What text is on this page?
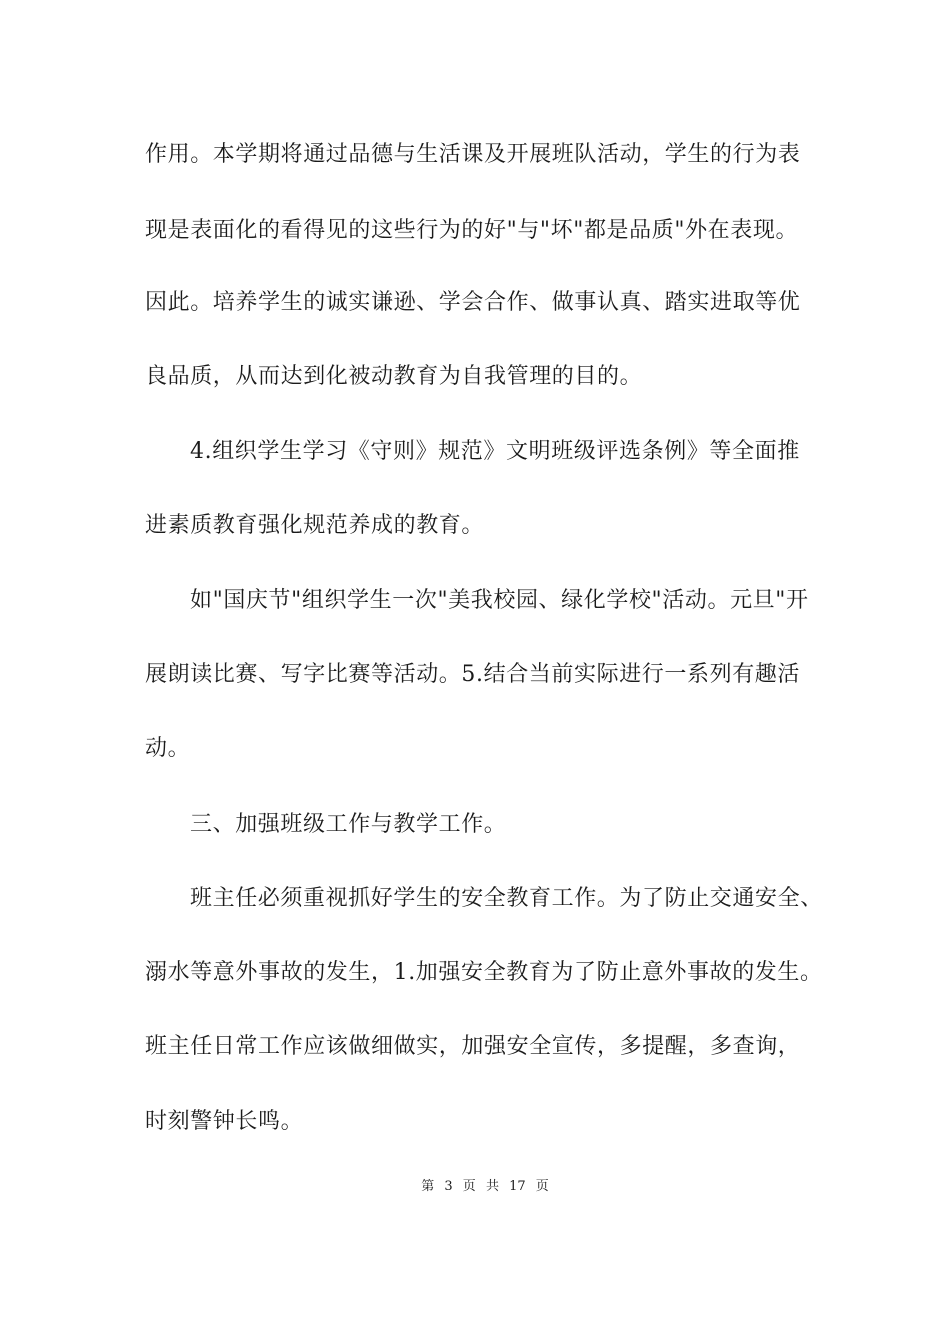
作用。本学期将通过品德与生活课及开展班队活动，学生的行为表
现是表面化的看得见的这些行为的好"与"坏"都是品质"外在表现。
因此。培养学生的诚实谦逊、学会合作、做事认真、踏实进取等优
良品质，从而达到化被动教育为自我管理的目的。
4.组织学生学习《守则》规范》文明班级评选条例》等全面推
进素质教育强化规范养成的教育。
如"国庆节"组织学生一次"美我校园、绿化学校"活动。元旦"开
展朗读比赛、写字比赛等活动。5.结合当前实际进行一系列有趣活
动。
三、加强班级工作与教学工作。
班主任必须重视抓好学生的安全教育工作。为了防止交通安全、
溺水等意外事故的发生，1.加强安全教育为了防止意外事故的发生。
班主任日常工作应该做细做实，加强安全宣传，多提醒，多查询，
时刻警钟长鸣。
第 3 页 共 17 页
